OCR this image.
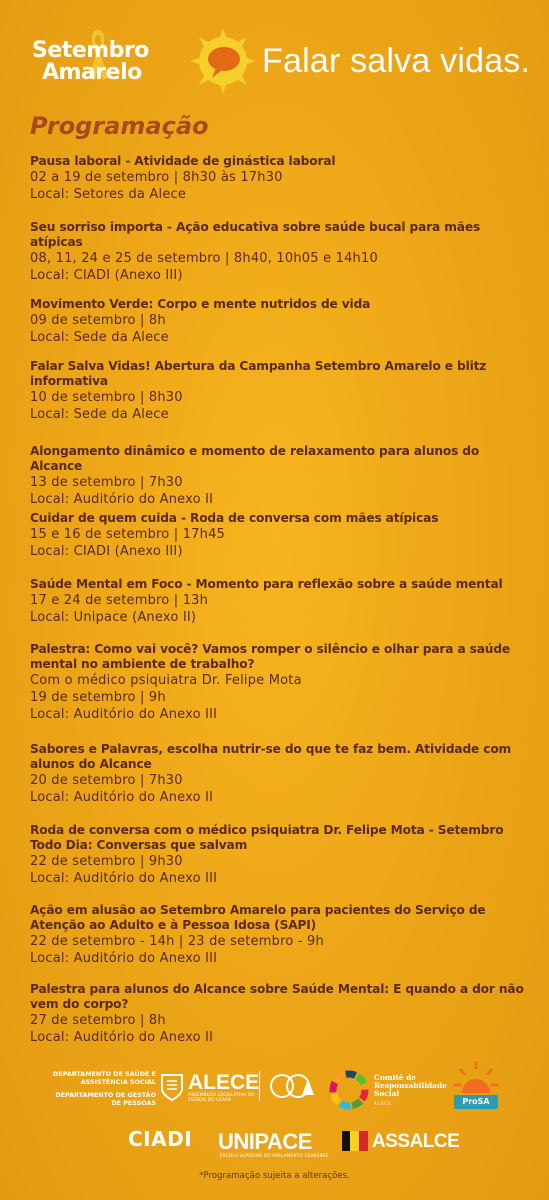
Setembro
Amarelo	Falar salva vidas.
Programação
Pausa laboral - Atividade de ginástica laboral
02 a 19 de setembro | 8h30 às 17h30
Local: Setores da Alece
Seu sorriso importa - Ação educativa sobre saúde bucal para mães
atípicas
08, 11, 24 e 25 de setembro | 8h40, 10h05 e 14h10
Local: CIADI (Anexo III)
Movimento Verde: Corpo e mente nutridos de vida
09 de setembro | 8h
Local: Sede da Alece
Falar Salva Vidas! Abertura da Campanha Setembro Amarelo e blitz
informativa
10 de setembro | 8h30
Local: Sede da Alece
Alongamento dinâmico e momento de relaxamento para alunos do Alcance
13 de setembro | 7h30
Local: Auditório do Anexo II
Cuidar de quem cuida - Roda de conversa com mães atípicas
15 e 16 de setembro | 17h45
Local: CIADI (Anexo III)
Saúde Mental em Foco - Momento para reflexão sobre a saúde mental
17 e 24 de setembro | 13h
Local: Unipace (Anexo II)
Palestra: Como vai você? Vamos romper o silêncio e olhar para a saúde
mental no ambiente de trabalho?
Com o médico psiquiatra Dr. Felipe Mota
19 de setembro | 9h
Local: Auditório do Anexo III
Sabores e Palavras, escolha nutrir-se do que te faz bem. Atividade com
alunos do Alcance
20 de setembro | 7h30
Local: Auditório do Anexo II
Roda de conversa com o médico psiquiatra Dr. Felipe Mota - Setembro
Todo Dia: Conversas que salvam
22 de setembro | 9h30
Local: Auditório do Anexo III
Ação em alusão ao Setembro Amarelo para pacientes do Serviço de
Atenção ao Adulto e à Pessoa Idosa (SAPI)
22 de setembro - 14h | 23 de setembro - 9h
Local: Auditório do Anexo III
Palestra para alunos do Alcance sobre Saúde Mental: E quando a dor não
vem do corpo?
27 de setembro | 8h
Local: Auditório do Anexo II

DEPARTAMENTO DE SAÚDE E ASSISTÊNCIA SOCIAL

DEPARTAMENTO DE GESTÃO DE PESSOAS

ALECE
ASSEMBLEIA LEGISLATIVA DO ESTADO DO CEARÁ
Comitê de
Responsabilidade
Social
ALECE	ProSA
CIADI UNIPACE
ESCOLA SUPERIOR DO PARLAMENTO CEARENSE
ASSALCE
*Programação sujeita a alterações.
